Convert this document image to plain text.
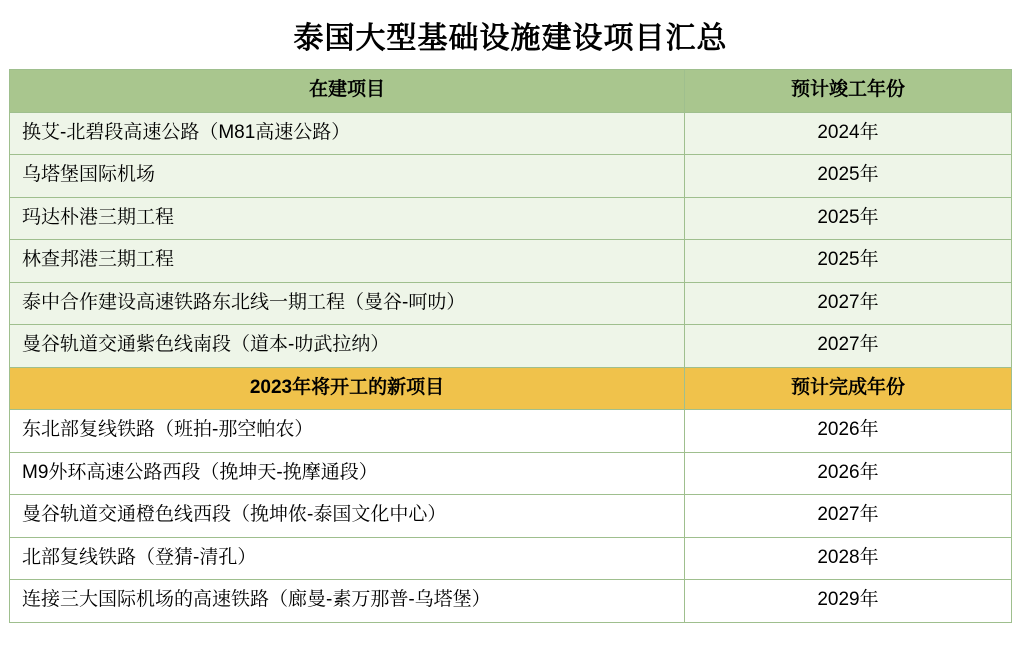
泰国大型基础设施建设项目汇总
在建项目	预计竣工年份
换艾-北碧段高速公路（M81高速公路）	2024年
乌塔堡国际机场	2025年
玛达朴港三期工程	2025年
林查邦港三期工程	2025年
泰中合作建设高速铁路东北线一期工程（曼谷-呵叻）	2027年
曼谷轨道交通紫色线南段（道本-叻武拉纳）	2027年
2023年将开工的新项目	预计完成年份
东北部复线铁路（班拍-那空帕农）	2026年
M9外环高速公路西段（挽坤天-挽摩通段）	2026年
曼谷轨道交通橙色线西段（挽坤侬-泰国文化中心）	2027年
北部复线铁路（登猜-清孔）	2028年
连接三大国际机场的高速铁路（廊曼-素万那普-乌塔堡）	2029年
